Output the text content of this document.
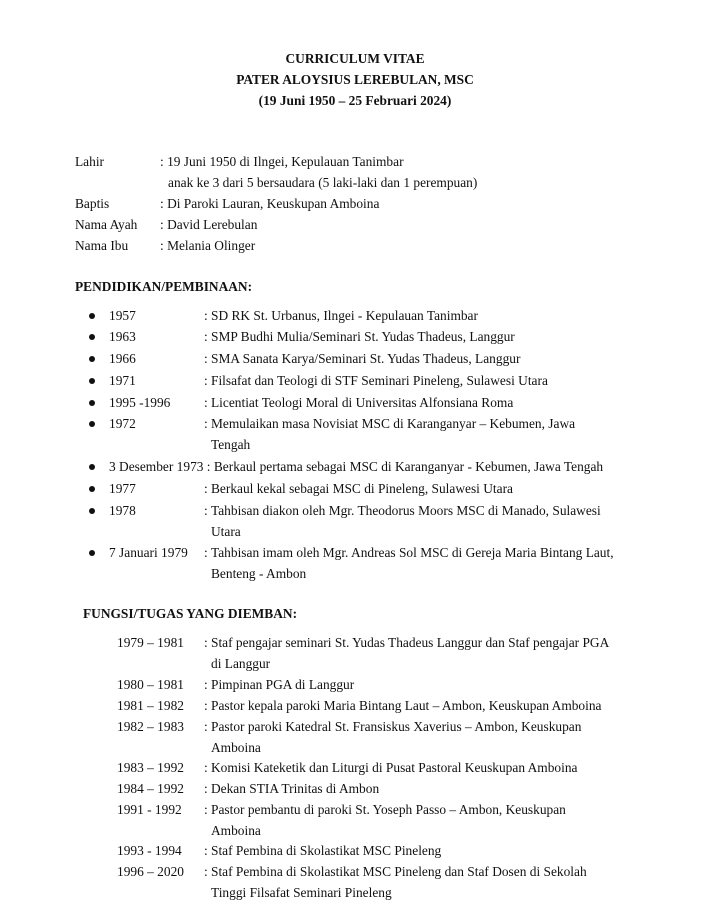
CURRICULUM VITAE
PATER ALOYSIUS LEREBULAN, MSC
(19 Juni 1950 – 25 Februari 2024)
Lahir	: 19 Juni 1950 di Ilngei, Kepulauan Tanimbar
anak ke 3 dari 5 bersaudara (5 laki-laki dan 1 perempuan)
Baptis	: Di Paroki Lauran, Keuskupan Amboina
Nama Ayah : David Lerebulan
Nama Ibu : Melania Olinger
PENDIDIKAN/PEMBINAAN:
1957	: SD RK St. Urbanus, Ilngei - Kepulauan Tanimbar
1963	: SMP Budhi Mulia/Seminari St. Yudas Thadeus, Langgur
1966	: SMA Sanata Karya/Seminari St. Yudas Thadeus, Langgur
1971	: Filsafat dan Teologi di STF Seminari Pineleng, Sulawesi Utara
1995 -1996	: Licentiat Teologi Moral di Universitas Alfonsiana Roma
1972	: Memulaikan masa Novisiat MSC di Karanganyar – Kebumen, Jawa
Tengah
3 Desember 1973 : Berkaul pertama sebagai MSC di Karanganyar - Kebumen, Jawa Tengah
1977	: Berkaul kekal sebagai MSC di Pineleng, Sulawesi Utara
1978	: Tahbisan diakon oleh Mgr. Theodorus Moors MSC di Manado, Sulawesi
Utara
7 Januari 1979 : Tahbisan imam oleh Mgr. Andreas Sol MSC di Gereja Maria Bintang Laut,
Benteng - Ambon
FUNGSI/TUGAS YANG DIEMBAN:
1979 – 1981 : Staf pengajar seminari St. Yudas Thadeus Langgur dan Staf pengajar PGA
di Langgur
1980 – 1981 : Pimpinan PGA di Langgur
1981 – 1982 : Pastor kepala paroki Maria Bintang Laut – Ambon, Keuskupan Amboina
1982 – 1983 : Pastor paroki Katedral St. Fransiskus Xaverius – Ambon, Keuskupan
Amboina
1983 – 1992 : Komisi Kateketik dan Liturgi di Pusat Pastoral Keuskupan Amboina
1984 – 1992 : Dekan STIA Trinitas di Ambon
1991 - 1992 : Pastor pembantu di paroki St. Yoseph Passo – Ambon, Keuskupan
Amboina
1993 - 1994 : Staf Pembina di Skolastikat MSC Pineleng
1996 – 2020 : Staf Pembina di Skolastikat MSC Pineleng dan Staf Dosen di Sekolah
Tinggi Filsafat Seminari Pineleng
